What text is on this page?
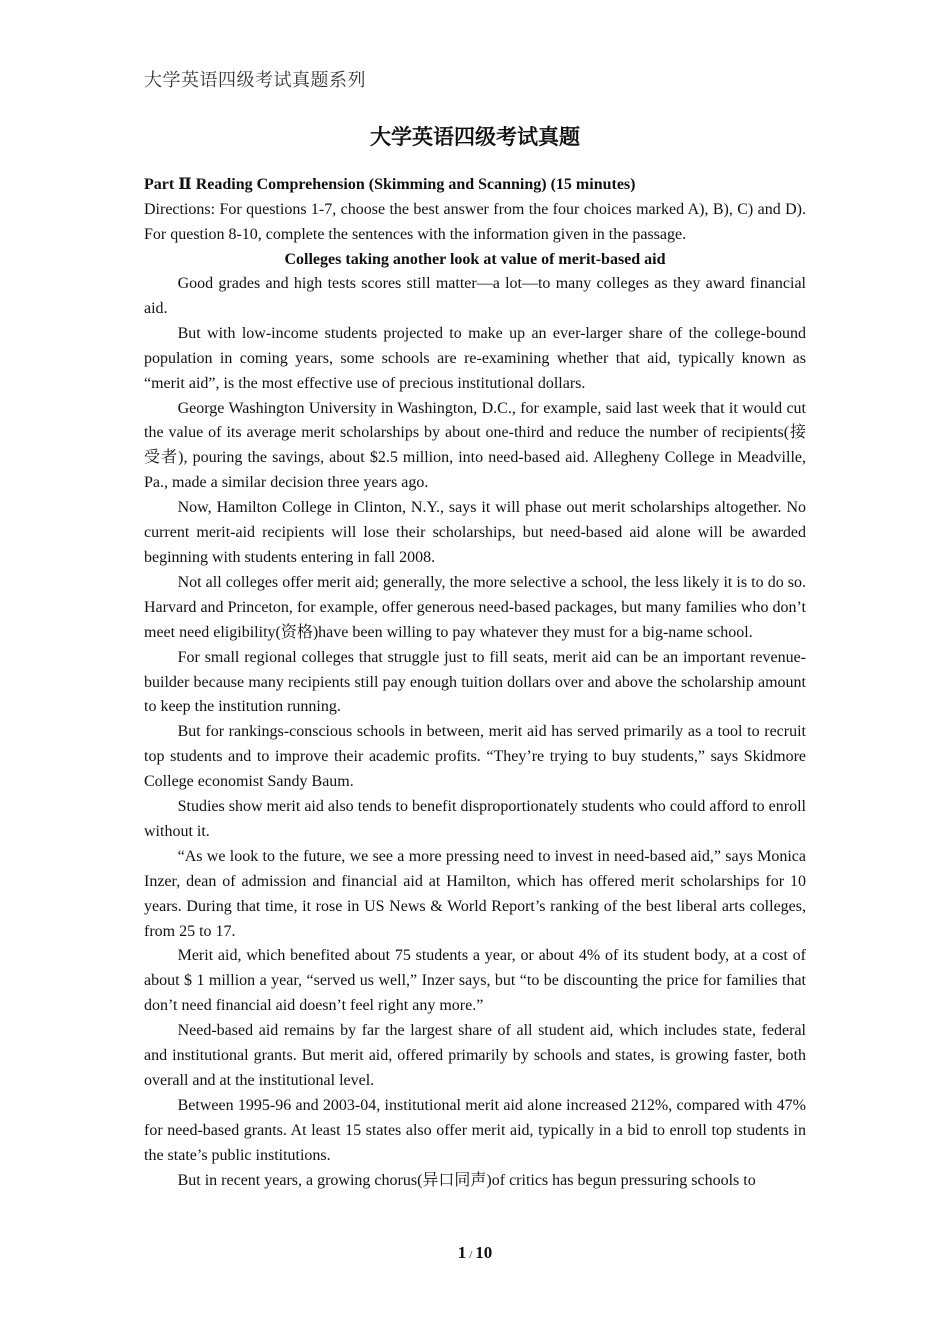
大学英语四级考试真题系列
大学英语四级考试真题

Part Ⅱ Reading Comprehension (Skimming and Scanning) (15 minutes)

Directions: For questions 1-7, choose the best answer from the four choices marked A), B), C) and D). For question 8-10, complete the sentences with the information given in the passage.

Colleges taking another look at value of merit-based aid

Good grades and high tests scores still matter—a lot—to many colleges as they award financial aid.

But with low-income students projected to make up an ever-larger share of the college-bound population in coming years, some schools are re-examining whether that aid, typically known as “merit aid”, is the most effective use of precious institutional dollars.

George Washington University in Washington, D.C., for example, said last week that it would cut the value of its average merit scholarships by about one-third and reduce the number of recipients(接受者), pouring the savings, about $2.5 million, into need-based aid. Allegheny College in Meadville, Pa., made a similar decision three years ago.

Now, Hamilton College in Clinton, N.Y., says it will phase out merit scholarships altogether. No current merit-aid recipients will lose their scholarships, but need-based aid alone will be awarded beginning with students entering in fall 2008.

Not all colleges offer merit aid; generally, the more selective a school, the less likely it is to do so. Harvard and Princeton, for example, offer generous need-based packages, but many families who don’t meet need eligibility(资格)have been willing to pay whatever they must for a big-name school.

For small regional colleges that struggle just to fill seats, merit aid can be an important revenue-builder because many recipients still pay enough tuition dollars over and above the scholarship amount to keep the institution running.

But for rankings-conscious schools in between, merit aid has served primarily as a tool to recruit top students and to improve their academic profits. “They’re trying to buy students,” says Skidmore College economist Sandy Baum.

Studies show merit aid also tends to benefit disproportionately students who could afford to enroll without it.

“As we look to the future, we see a more pressing need to invest in need-based aid,” says Monica Inzer, dean of admission and financial aid at Hamilton, which has offered merit scholarships for 10 years. During that time, it rose in US News & World Report’s ranking of the best liberal arts colleges, from 25 to 17.

Merit aid, which benefited about 75 students a year, or about 4% of its student body, at a cost of about $ 1 million a year, “served us well,” Inzer says, but “to be discounting the price for families that don’t need financial aid doesn’t feel right any more.”

Need-based aid remains by far the largest share of all student aid, which includes state, federal and institutional grants. But merit aid, offered primarily by schools and states, is growing faster, both overall and at the institutional level.

Between 1995-96 and 2003-04, institutional merit aid alone increased 212%, compared with 47% for need-based grants. At least 15 states also offer merit aid, typically in a bid to enroll top students in the state’s public institutions.

But in recent years, a growing chorus(异口同声)of critics has begun pressuring schools to

1 / 10
